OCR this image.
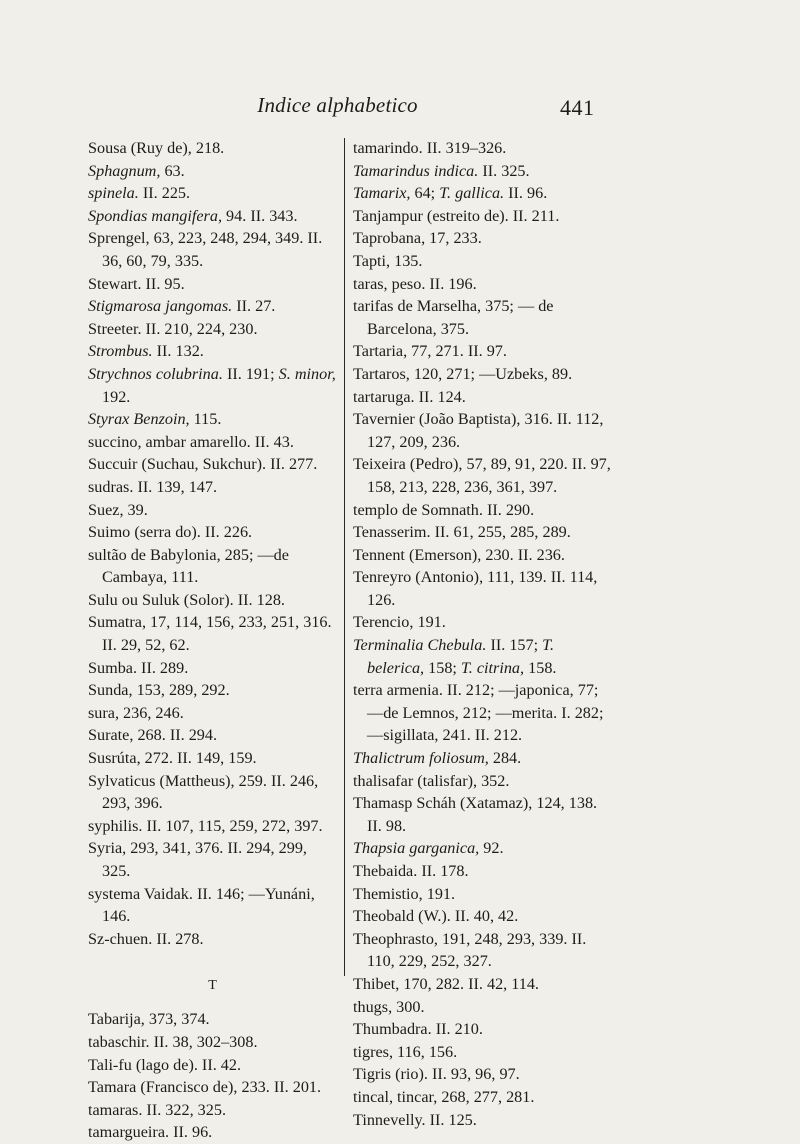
Indice alphabetico	441

Sousa (Ruy de), 218.

Sphagnum, 63.

spinela. II. 225.

Spondias mangifera, 94. II. 343.

Sprengel, 63, 223, 248, 294, 349. II. 36, 60, 79, 335.

Stewart. II. 95.

Stigmarosa jangomas. II. 27.

Streeter. II. 210, 224, 230.

Strombus. II. 132.

Strychnos colubrina. II. 191; S. minor, 192.

Styrax Benzoin, 115.

succino, ambar amarello. II. 43.

Succuir (Suchau, Sukchur). II. 277.

sudras. II. 139, 147.

Suez, 39.

Suimo (serra do). II. 226.

sultão de Babylonia, 285; —de Cambaya, 111.

Sulu ou Suluk (Solor). II. 128.

Sumatra, 17, 114, 156, 233, 251, 316. II. 29, 52, 62.

Sumba. II. 289.

Sunda, 153, 289, 292.

sura, 236, 246.

Surate, 268. II. 294.

Susrúta, 272. II. 149, 159.

Sylvaticus (Mattheus), 259. II. 246, 293, 396.

syphilis. II. 107, 115, 259, 272, 397.

Syria, 293, 341, 376. II. 294, 299, 325.

systema Vaidak. II. 146; —Yunáni, 146.

Sz-chuen. II. 278.

T

Tabarija, 373, 374.

tabaschir. II. 38, 302–308.

Tali-fu (lago de). II. 42.

Tamara (Francisco de), 233. II. 201.

tamaras. II. 322, 325.

tamargueira. II. 96.

tamarindo. II. 319–326.

Tamarindus indica. II. 325.

Tamarix, 64; T. gallica. II. 96.

Tanjampur (estreito de). II. 211.

Taprobana, 17, 233.

Tapti, 135.

taras, peso. II. 196.

tarifas de Marselha, 375; — de Barcelona, 375.

Tartaria, 77, 271. II. 97.

Tartaros, 120, 271; —Uzbeks, 89.

tartaruga. II. 124.

Tavernier (João Baptista), 316. II. 112, 127, 209, 236.

Teixeira (Pedro), 57, 89, 91, 220. II. 97, 158, 213, 228, 236, 361, 397.

templo de Somnath. II. 290.

Tenasserim. II. 61, 255, 285, 289.

Tennent (Emerson), 230. II. 236.

Tenreyro (Antonio), 111, 139. II. 114, 126.

Terencio, 191.

Terminalia Chebula. II. 157; T. belerica, 158; T. citrina, 158.

terra armenia. II. 212; —japonica, 77; —de Lemnos, 212; —merita. I. 282; —sigillata, 241. II. 212.

Thalictrum foliosum, 284.

thalisafar (talisfar), 352.

Thamasp Scháh (Xatamaz), 124, 138. II. 98.

Thapsia garganica, 92.

Thebaida. II. 178.

Themistio, 191.

Theobald (W.). II. 40, 42.

Theophrasto, 191, 248, 293, 339. II. 110, 229, 252, 327.

Thibet, 170, 282. II. 42, 114.

thugs, 300.

Thumbadra. II. 210.

tigres, 116, 156.

Tigris (rio). II. 93, 96, 97.

tincal, tincar, 268, 277, 281.

Tinnevelly. II. 125.
